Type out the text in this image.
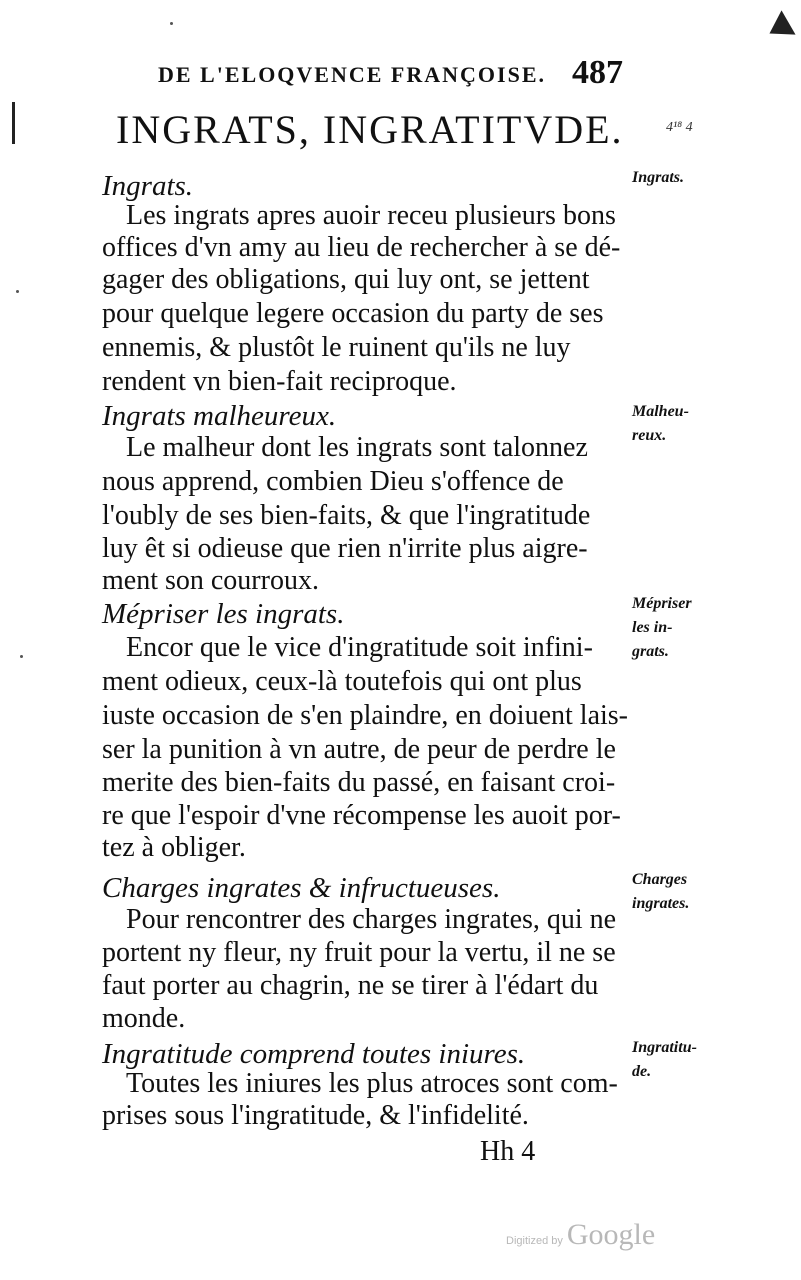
DE L'ELOQVENCE FRANÇOISE. 487
INGRATS, INGRATITVDE.	4¹⁸ 4
Ingrats.
Les ingrats apres auoir receu plusieurs bons
offices d'vn amy au lieu de rechercher à se dé-
gager des obligations, qui luy ont, se jettent
pour quelque legere occasion du party de ses
ennemis, & plustôt le ruinent qu'ils ne luy
rendent vn bien-fait reciproque.
Ingrats.
Ingrats malheureux.
Le malheur dont les ingrats sont talonnez
nous apprend, combien Dieu s'offence de
l'oubly de ses bien-faits, & que l'ingratitude
luy êt si odieuse que rien n'irrite plus aigre-
ment son courroux.
Malheu-
reux.
Mépriser les ingrats.
Encor que le vice d'ingratitude soit infini-
ment odieux, ceux-là toutefois qui ont plus
iuste occasion de s'en plaindre, en doiuent lais-
ser la punition à vn autre, de peur de perdre le
merite des bien-faits du passé, en faisant croi-
re que l'espoir d'vne récompense les auoit por-
tez à obliger.
Mépriser
les in-
grats.
Charges ingrates & infructueuses.
Pour rencontrer des charges ingrates, qui ne
portent ny fleur, ny fruit pour la vertu, il ne se
faut porter au chagrin, ne se tirer à l'édart du
monde.
Charges
ingrates.
Ingratitude comprend toutes iniures.
Toutes les iniures les plus atroces sont com-
prises sous l'ingratitude, & l'infidelité.
Ingratitu-
de.
Hh 4
Digitized by Google
